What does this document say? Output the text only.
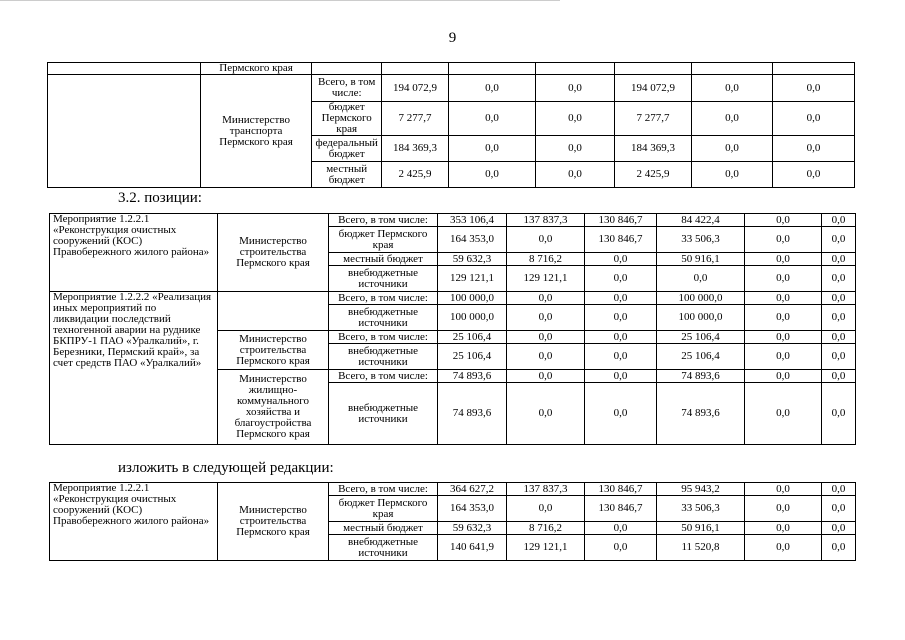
9
	Пермского края							
	Министерство транспорта Пермского края	Всего, в том числе:	194 072,9	0,0	0,0	194 072,9	0,0	0,0
		бюджет Пермского края	7 277,7	0,0	0,0	7 277,7	0,0	0,0
		федеральный бюджет	184 369,3	0,0	0,0	184 369,3	0,0	0,0
		местный бюджет	2 425,9	0,0	0,0	2 425,9	0,0	0,0
3.2. позиции:
Мероприятие 1.2.2.1 «Реконструкция очистных сооружений (КОС) Правобережного жилого района»	Министерство строительства Пермского края	Всего, в том числе:	353 106,4	137 837,3	130 846,7	84 422,4	0,0	0,0
		бюджет Пермского края	164 353,0	0,0	130 846,7	33 506,3	0,0	0,0
		местный бюджет	59 632,3	8 716,2	0,0	50 916,1	0,0	0,0
		внебюджетные источники	129 121,1	129 121,1	0,0	0,0	0,0	0,0
Мероприятие 1.2.2.2 «Реализация иных мероприятий по ликвидации последствий техногенной аварии на руднике БКПРУ-1 ПАО «Уралкалий», г. Березники, Пермский край», за счет средств ПАО «Уралкалий»		Всего, в том числе:	100 000,0	0,0	0,0	100 000,0	0,0	0,0
		внебюджетные источники	100 000,0	0,0	0,0	100 000,0	0,0	0,0
	Министерство строительства Пермского края	Всего, в том числе:	25 106,4	0,0	0,0	25 106,4	0,0	0,0
		внебюджетные источники	25 106,4	0,0	0,0	25 106,4	0,0	0,0
	Министерство жилищно-коммунального хозяйства и благоустройства Пермского края	Всего, в том числе:	74 893,6	0,0	0,0	74 893,6	0,0	0,0
		внебюджетные источники	74 893,6	0,0	0,0	74 893,6	0,0	0,0
изложить в следующей редакции:
Мероприятие 1.2.2.1 «Реконструкция очистных сооружений (КОС) Правобережного жилого района»	Министерство строительства Пермского края	Всего, в том числе:	364 627,2	137 837,3	130 846,7	95 943,2	0,0	0,0
		бюджет Пермского края	164 353,0	0,0	130 846,7	33 506,3	0,0	0,0
		местный бюджет	59 632,3	8 716,2	0,0	50 916,1	0,0	0,0
		внебюджетные источники	140 641,9	129 121,1	0,0	11 520,8	0,0	0,0
